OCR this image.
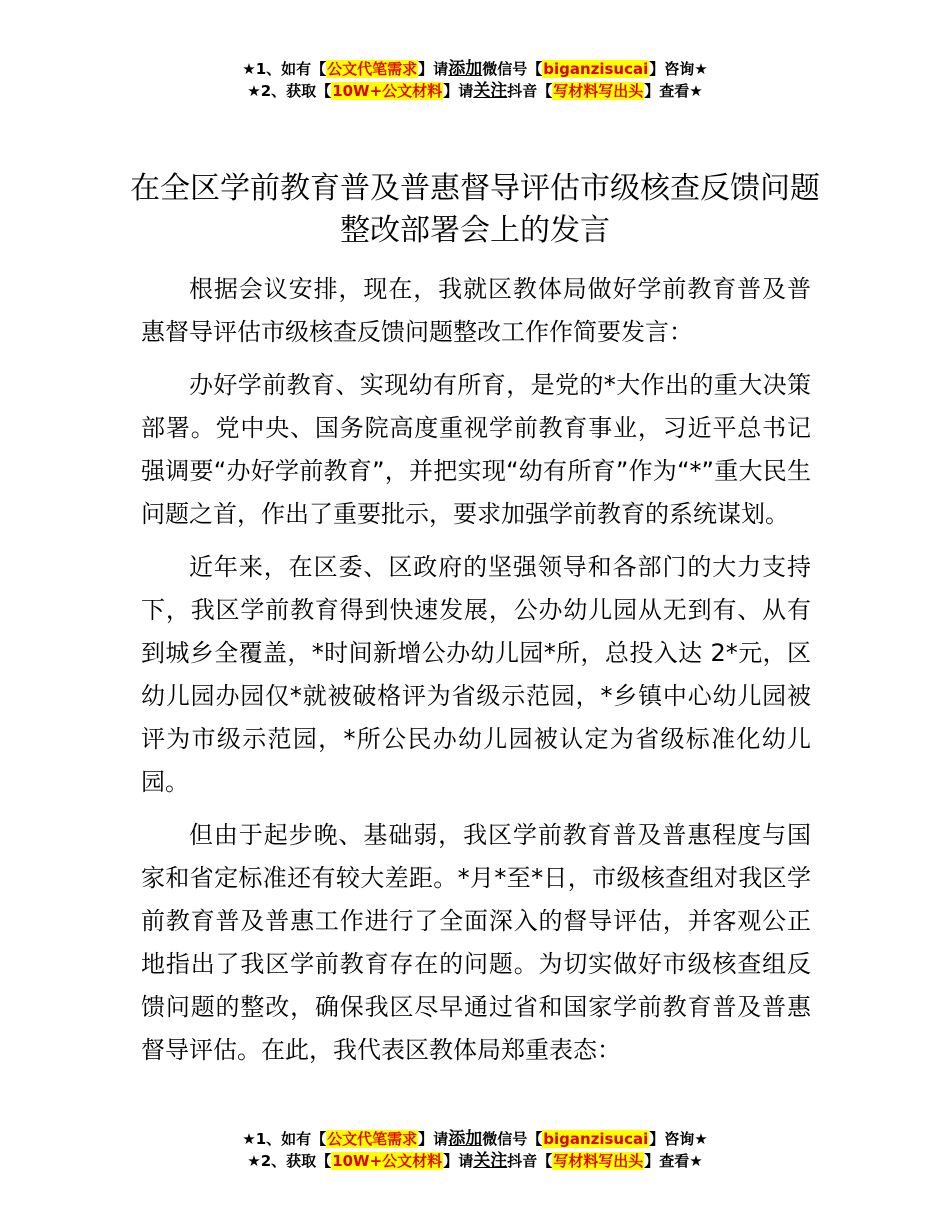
★1、如有【公文代笔需求】请添加微信号【biganzisucai】咨询★
★2、获取【10W+公文材料】请关注抖音【写材料写出头】查看★
在全区学前教育普及普惠督导评估市级核查反馈问题整改部署会上的发言

根据会议安排，现在，我就区教体局做好学前教育普及普惠督导评估市级核查反馈问题整改工作作简要发言：

办好学前教育、实现幼有所育，是党的*大作出的重大决策部署。党中央、国务院高度重视学前教育事业，习近平总书记强调要“办好学前教育”，并把实现“幼有所育”作为“*”重大民生问题之首，作出了重要批示，要求加强学前教育的系统谋划。

近年来，在区委、区政府的坚强领导和各部门的大力支持下，我区学前教育得到快速发展，公办幼儿园从无到有、从有到城乡全覆盖，*时间新增公办幼儿园*所，总投入达 2*元，区幼儿园办园仅*就被破格评为省级示范园，*乡镇中心幼儿园被评为市级示范园，*所公民办幼儿园被认定为省级标准化幼儿园。

但由于起步晚、基础弱，我区学前教育普及普惠程度与国家和省定标准还有较大差距。*月*至*日，市级核查组对我区学前教育普及普惠工作进行了全面深入的督导评估，并客观公正地指出了我区学前教育存在的问题。为切实做好市级核查组反馈问题的整改，确保我区尽早通过省和国家学前教育普及普惠督导评估。在此，我代表区教体局郑重表态：

★1、如有【公文代笔需求】请添加微信号【biganzisucai】咨询★
★2、获取【10W+公文材料】请关注抖音【写材料写出头】查看★
